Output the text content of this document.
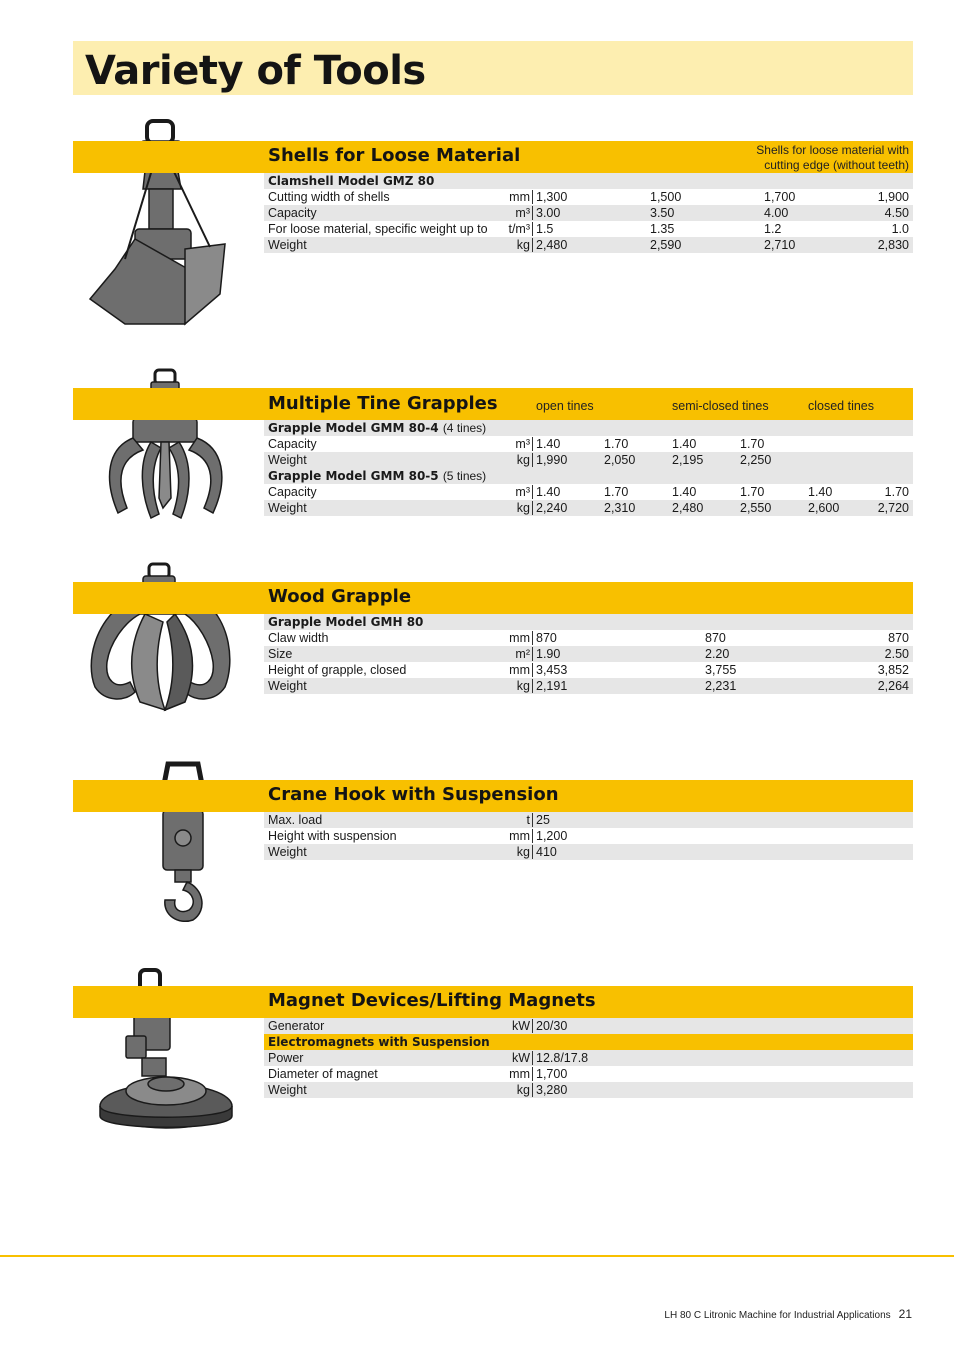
Variety of Tools
Shells for Loose Material	Shells for loose material with
cutting edge (without teeth)
Clamshell Model GMZ 80
Cutting width of shells	mm 1,300	1,500	1,700	1,900
Capacity	m³ 3.00	3.50	4.00	4.50
For loose material, specific weight up to t/m³ 1.5	1.35	1.2	1.0
Weight	kg 2,480	2,590	2,710	2,830
Multiple Tine Grapples	open tines	semi-closed tines	closed tines
Grapple Model GMM 80-4 (4 tines)
Capacity	m³ 1.40	1.70	1.40	1.70
Weight	kg 1,990	2,050	2,195	2,250
Grapple Model GMM 80-5 (5 tines)
Capacity	m³ 1.40	1.70	1.40	1.70	1.40	1.70
Weight	kg 2,240	2,310	2,480	2,550	2,600	2,720
Wood Grapple
Grapple Model GMH 80
Claw width	mm 870	870	870
Size	m² 1.90	2.20	2.50
Height of grapple, closed	mm 3,453	3,755	3,852
Weight	kg 2,191	2,231	2,264
Crane Hook with Suspension
Max. load	t 25
Height with suspension	mm 1,200
Weight	kg 410
Magnet Devices/Lifting Magnets
Generator	kW 20/30
Electromagnets with Suspension
Power	kW 12.8/17.8
Diameter of magnet	mm 1,700
Weight	kg 3,280
LH 80 C Litronic Machine for Industrial Applications 21
